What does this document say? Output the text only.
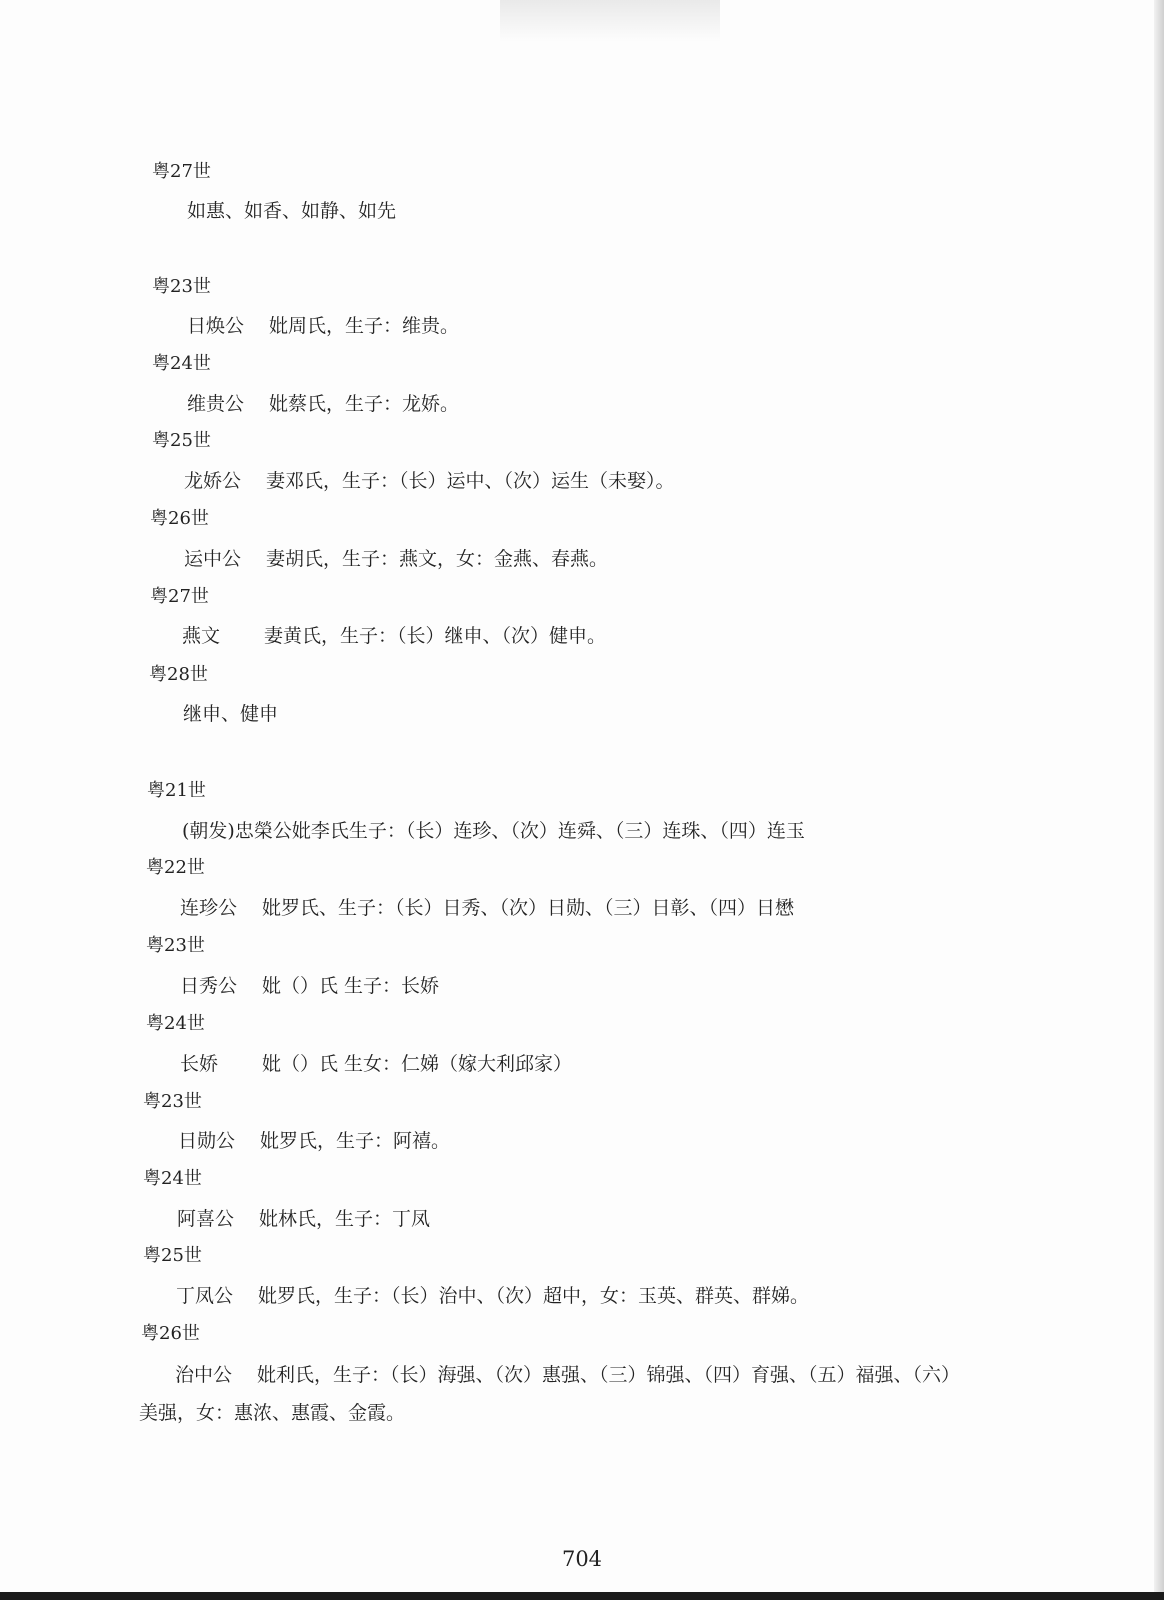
粤27世
如惠、如香、如静、如先
粤23世
日焕公 妣周氏，生子：维贵。
粤24世
维贵公 妣蔡氏，生子：龙娇。
粤25世
龙娇公 妻邓氏，生子：（长）运中、（次）运生（未娶）。
粤26世
运中公 妻胡氏，生子：燕文，女：金燕、春燕。
粤27世
燕文 妻黄氏，生子：（长）继申、（次）健申。
粤28世
继申、健申
粤21世
(朝发)忠榮公妣李氏生子：（长）连珍、（次）连舜、（三）连珠、（四）连玉
粤22世
连珍公 妣罗氏、生子：（长）日秀、（次）日勋、（三）日彰、（四）日懋
粤23世
日秀公 妣（）氏 生子：长娇
粤24世
长娇 妣（）氏 生女：仁娣（嫁大利邱家）
粤23世
日勋公 妣罗氏，生子：阿禧。
粤24世
阿喜公 妣林氏，生子：丁凤
粤25世
丁凤公 妣罗氏，生子：（长）治中、（次）超中，女：玉英、群英、群娣。
粤26世
治中公 妣利氏，生子：（长）海强、（次）惠强、（三）锦强、（四）育强、（五）福强、（六）
美强，女：惠浓、惠霞、金霞。
704
